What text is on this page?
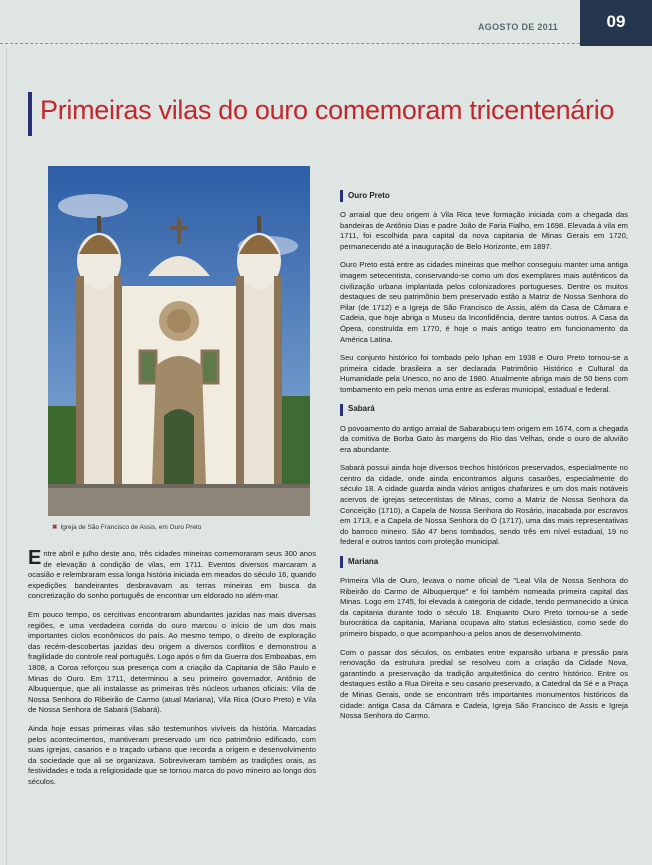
AGOSTO DE 2011	09
Primeiras vilas do ouro comemoram tricentenário
✖ Igreja de São Francisco de Assis, em Ouro Preto

Entre abril e julho deste ano, três cidades mineiras comemoraram seus 300 anos de elevação à condição de vilas, em 1711. Eventos diversos marcaram a ocasião e relembraram essa longa história iniciada em meados do século 16, quando expedições bandeirantes desbravavam as terras mineiras em busca da concretização do sonho português de encontrar um eldorado no além-mar.

Em pouco tempo, os cercitivas encontraram abundantes jazidas nas mais diversas regiões, e uma verdadeira corrida do ouro marcou o início de um dos mais importantes ciclos econômicos do país. Ao mesmo tempo, o direito de exploração das recém-descobertas jazidas deu origem a diversos conflitos e demonstrou a fragilidade do controle real português. Logo após o fim da Guerra dos Emboabas, em 1808, a Coroa reforçou sua presença com a criação da Capitania de São Paulo e Minas do Ouro. Em 1711, determinou a seu primeiro governador, Antônio de Albuquerque, que ali instalasse as primeiras três núcleos urbanos oficiais: Vila de Nossa Senhora do Ribeirão de Carmo (atual Mariana), Vila Rica (Ouro Preto) e Vila de Nossa Senhora de Sabará (Sabará).

Ainda hoje essas primeiras vilas são testemunhos vivíveis da história. Marcadas pelos acontecimentos, mantiveram preservado um rico patrimônio edificado, com suas igrejas, casarios e o traçado urbano que recorda a origem e desenvolvimento da sociedade que ali se organizava. Sobreviveram também as tradições orais, as festividades e toda a religiosidade que se tornou marca do povo mineiro ao longo dos séculos.

Ouro Preto

O arraial que deu origem à Vila Rica teve formação iniciada com a chegada das bandeiras de Antônio Dias e padre João de Faria Fialho, em 1698. Elevada à vila em 1711, foi escolhida para capital da nova capitania de Minas Gerais em 1720, permanecendo até a inauguração de Belo Horizonte, em 1897.

Ouro Preto está entre as cidades mineiras que melhor conseguiu manter uma antiga imagem setecentista, conservando-se como um dos exemplares mais autênticos da civilização urbana implantada pelos colonizadores portugueses. Dentre os muitos destaques de seu patrimônio bem preservado estão a Matriz de Nossa Senhora do Pilar (de 1712) e a Igreja de São Francisco de Assis, além da Casa de Câmara e Cadeia, que hoje abriga o Museu da Inconfidência, dentre tantos outros. A Casa da Ópera, construída em 1770, é hoje o mais antigo teatro em funcionamento da América Latina.

Seu conjunto histórico foi tombado pelo Iphan em 1938 e Ouro Preto tornou-se a primeira cidade brasileira a ser declarada Patrimônio Histórico e Cultural da Humanidade pela Unesco, no ano de 1980. Atualmente abriga mais de 50 bens com tombamento em pelo menos uma entre as esferas municipal, estadual e federal.

Sabará

O povoamento do antigo arraial de Sabarabuçu tem origem em 1674, com a chegada da comitiva de Borba Gato às margens do Rio das Velhas, onde o ouro de aluvião era abundante.

Sabará possui ainda hoje diversos trechos históricos preservados, especialmente no centro da cidade, onde ainda encontramos alguns casarões, especialmente do século 18. A cidade guarda ainda vários antigos chafarizes e um dos mais notáveis acervos de igrejas setecentistas de Minas, como a Matriz de Nossa Senhora da Conceição (1710), a Capela de Nossa Senhora do Rosário, inacabada por escravos em 1713, e a Capela de Nossa Senhora do Ó (1717), uma das mais representativas do barroco mineiro. São 47 bens tombados, sendo três em nível estadual, 19 no federal e outros tantos com proteção municipal.

Mariana

Primeira Vila de Ouro, levava o nome oficial de "Leal Vila de Nossa Senhora do Ribeirão do Carmo de Albuquerque" e foi também nomeada primeira capital das Minas. Logo em 1745, foi elevada à categoria de cidade, tendo permanecido a única da capitania durante todo o século 18. Enquanto Ouro Preto tornou-se a sede burocrática da capitania, Mariana ocupava alto status eclesiástico, como sede do primeiro bispado, o que acompanhou-a pelos anos de desenvolvimento.

Com o passar dos séculos, os embates entre expansão urbana e pressão para renovação da estrutura predial se resolveu com a criação da Cidade Nova, garantindo a preservação da tradição arquitetônica do centro histórico. Entre os destaques estão a Rua Direita e seu casario preservado, a Catedral da Sé e a Praça de Minas Gerais, onde se encontram três importantes monumentos históricos da cidade: antiga Casa da Câmara e Cadeia, Igreja São Francisco de Assis e Igreja Nossa Senhora do Carmo.
